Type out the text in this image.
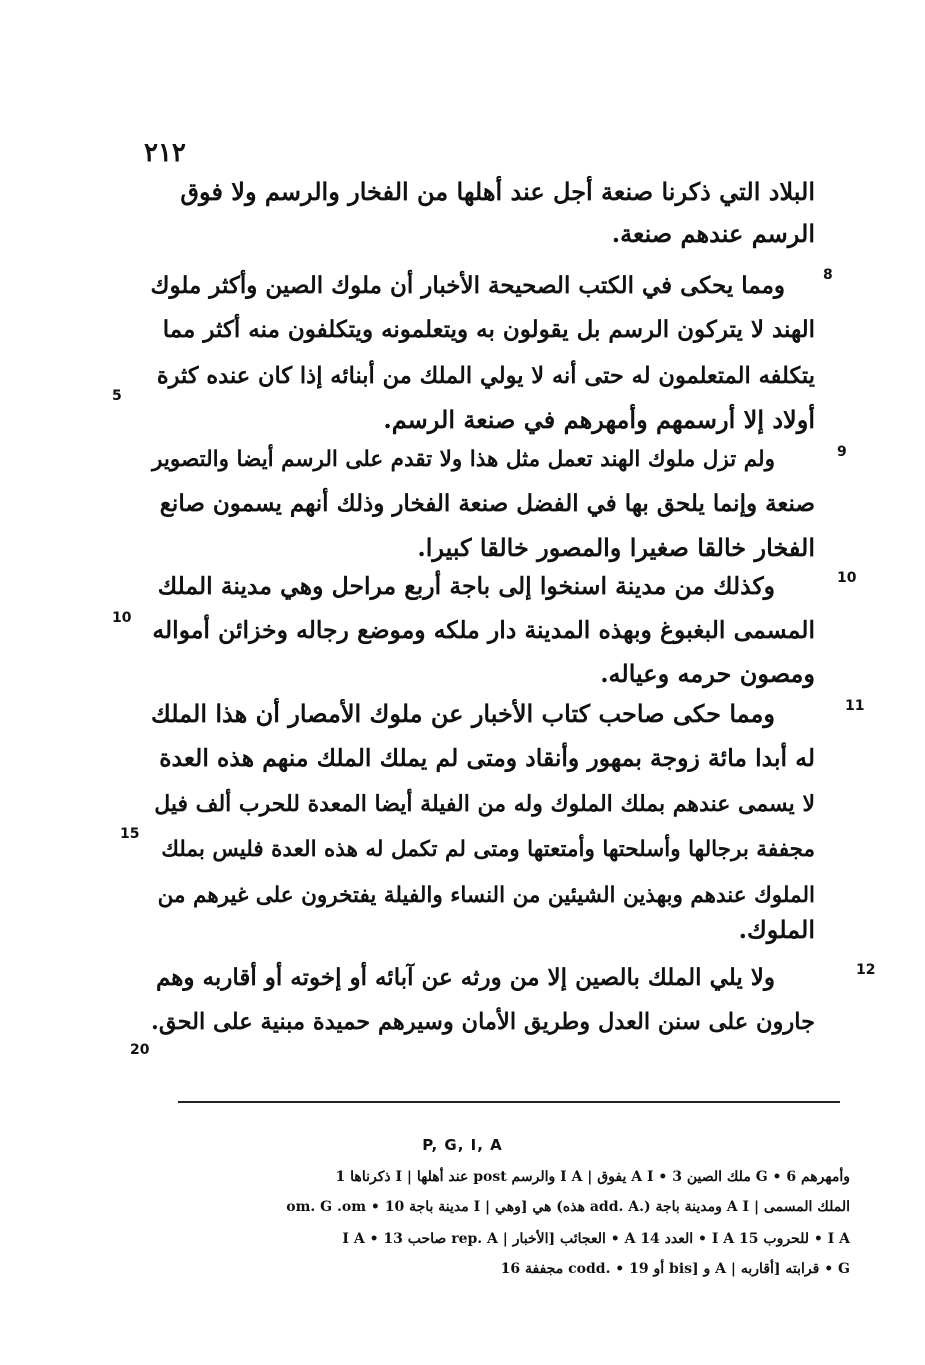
٢١٢
البلاد التي ذكرنا صنعة أجل عند أهلها من الفخار والرسم ولا فوق
الرسم عندهم صنعة.
8
ومما يحكى في الكتب الصحيحة الأخبار أن ملوك الصين وأكثر ملوك
الهند لا يتركون الرسم بل يقولون به ويتعلمونه ويتكلفون منه أكثر مما
يتكلفه المتعلمون له حتى أنه لا يولي الملك من أبنائه إذا كان عنده كثرة
5
أولاد إلا أرسمهم وأمهرهم في صنعة الرسم.
9
ولم تزل ملوك الهند تعمل مثل هذا ولا تقدم على الرسم أيضا والتصوير
صنعة وإنما يلحق بها في الفضل صنعة الفخار وذلك أنهم يسمون صانع
الفخار خالقا صغيرا والمصور خالقا كبيرا.
10
وكذلك من مدينة اسنخوا إلى باجة أربع مراحل وهي مدينة الملك
10 المسمى البغبوغ وبهذه المدينة دار ملكه وموضع رجاله وخزائن أمواله
ومصون حرمه وعياله.
11
ومما حكى صاحب كتاب الأخبار عن ملوك الأمصار أن هذا الملك
له أبدا مائة زوجة بمهور وأنقاد ومتى لم يملك الملك منهم هذه العدة
لا يسمى عندهم بملك الملوك وله من الفيلة أيضا المعدة للحرب ألف فيل
15
مجففة برجالها وأسلحتها وأمتعتها ومتى لم تكمل له هذه العدة فليس بملك
الملوك عندهم وبهذين الشيئين من النساء والفيلة يفتخرون على غيرهم من
الملوك.
12
ولا يلي الملك بالصين إلا من ورثه عن آبائه أو إخوته أو أقاربه وهم
جارون على سنن العدل وطريق الأمان وسيرهم حميدة مبنية على الحق.
20
P, G, I, A
وأمهرهم G • 6 ملك الصين A I • 3 يفوق | I A والرسم post عند أهلها | I ذكرناها 1
الملك المسمى | A I ومدينة باجة (.add. A هذه) هي [وهي | I مدينة باجة 10 • om. G .om
I A • للحروب 15 I A • العدد 14 A • العجائب [الأخبار | rep. A صاحب 13 • I A
G • قرابته [أقاربه | A و [bis أو 19 • .codd مجففة 16
